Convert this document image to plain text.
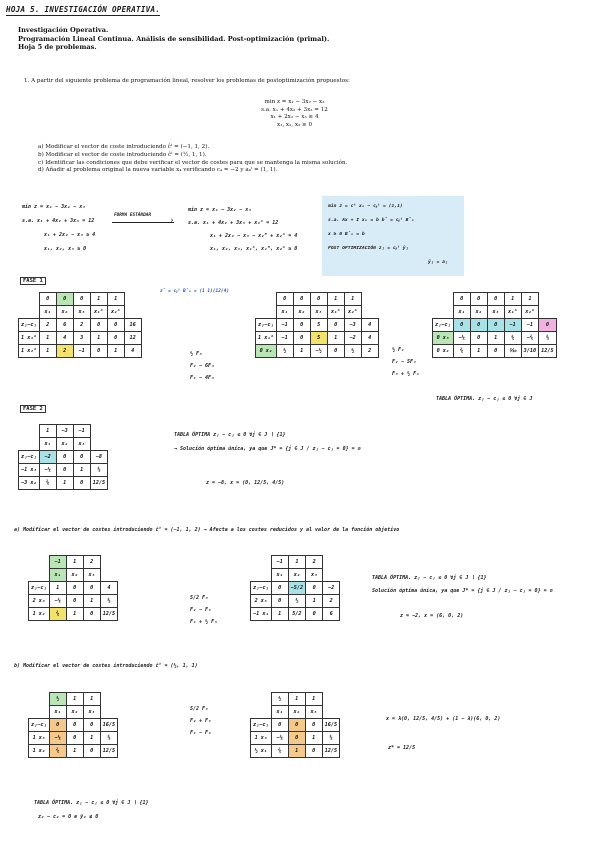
HOJA 5. INVESTIGACIÓN OPERATIVA.
Investigación Operativa.
Programación Lineal Continua. Análisis de sensibilidad. Post-optimización (primal).
Hoja 5 de problemas.
1. A partir del siguiente problema de programación lineal, resolver los problemas de postoptimización propuestos:
min z = x₁ − 3x₂ − x₃
s.a. x₁ + 4x₂ + 3x₃ = 12
x₁ + 2x₂ − x₃ ≥ 4
x₁, x₂, x₃ ≥ 0
a) Modificar el vector de coste introduciendo ĉᵗ = (−1, 1, 2).
b) Modificar el vector de coste introduciendo ĉᵗ = (½, 1, 1).
c) Identificar las condiciones que debe verificar el vector de costes para que se mantenga la misma solución.
d) Añadir al problema original la nueva variable x₄ verificando c₄ = −2 y a₄ᵗ = (1, 1).
min z = x₁ − 3x₂ − x₃
s.a. x₁ + 4x₂ + 3x₃ = 12
x₁ + 2x₂ − x₃ ≥ 4
x₁, x₂, x₃ ≥ 0
FORMA ESTÁNDAR
›
min z = x₁ − 3x₂ − x₃
s.a. x₁ + 4x₂ + 3x₃ + x₁ᴬ = 12
x₁ + 2x₂ − x₃ − x₂ᴴ + x₂ᴬ = 4
x₁, x₂, x₃, x₁ᴬ, x₂ᴴ, x₂ᴬ ≥ 0
min z = cᵗ xₙ − cᵦᵗ = (1,1)
s.a. Ax + I xₙ = b b̄ = cᵦᵗ B̄ₙ
x ≥ 0 B̄ₙ = b
POST OPTIMIZACIÓN zⱼ = cᵦᵗ ȳⱼ
ȳⱼ = aⱼ
FASE 1
z̄ = cᵦᵗ B̄ₙ = (1 1)(12/4)
	0	0	0	1	1	
	x₁	x₂	x₃	x₁ᴬ	x₂ᴬ	
zⱼ−cⱼ	2	6	2	0	0	16
1 x₁ᴬ	1	4	3	1	0	12
1 x₂ᴬ	1	2	−1	0	1	4	½ F₃
F₂ − 6F₃
F₄ − 4F₃
	0	0	0	1	1	
	x₁	x₂	x₃	x₁ᴬ	x₂ᴬ	
zⱼ−cⱼ	−1	0	5	0	−3	4
1 x₁ᴬ	−1	0	5	1	−2	4
0 x₂	½	1	−½	0	½	2	½ F₄
F₂ − 5F₄
F₃ + ½ F₄
	0	0	0	1	1	
	x₁	x₂	x₃	x₁ᴬ	x₂ᴬ	
zⱼ−cⱼ	0	0	0	−1	−1	0
0 x₃	−⅕	0	1	⅕	−⅖	⅘
0 x₂	⅖	1	0	⅒	3/10	12/5
TABLA ÓPTIMA. zⱼ − cⱼ ≤ 0 ∀j ∈ J
FASE 2
	1	−3	−1	
	x₁	x₂	x₃	
zⱼ−cⱼ	−2	0	0	−8
−1 x₃	−⅕	0	1	⅘
−3 x₂	⅖	1	0	12/5
TABLA ÓPTIMA zⱼ − cⱼ ≤ 0 ∀j ∈ J ∖ {1}
→ Solución óptima única, ya que J* = {j ∈ J / zⱼ − cⱼ = 0} = ∅
z = −8, x = (0, 12/5, 4/5)
a) Modificar el vector de costes introduciendo ĉᵗ = (−1, 1, 2) → Afecta a los costes reducidos y al valor de la función objetivo
	−1	1	2	
	x₁	x₂	x₃	
zⱼ−cⱼ	1	0	0	4
2 x₃	−⅕	0	1	⅘
1 x₂	⅖	1	0	12/5
5/2 F₃
F₂ − F₃
F₄ + ½ F₃
	−1	1	2	
	x₁	x₂	x₃	
zⱼ−cⱼ	0	−5/2	0	−2
2 x₃	0	½	1	2
−1 x₁	1	5/2	0	6
TABLA ÓPTIMA. zⱼ − cⱼ ≤ 0 ∀j ∈ J ∖ {1}
Solución óptima única, ya que J* = {j ∈ J / zⱼ − cⱼ = 0} = ∅
z = −2, x = (6, 0, 2)
b) Modificar el vector de costes introduciendo ĉᵗ = (½, 1, 1)
	½	1	1	
	x₁	x₂	x₃	
zⱼ−cⱼ	0	0	0	16/5
1 x₃	−⅕	0	1	⅘
1 x₂	⅖	1	0	12/5
5/2 F₃
F₂ + F₃
F₄ − F₃
	½	1	1	
	x₁	x₂	x₃	
zⱼ−cⱼ	0	0	0	16/5
1 x₃	−⅕	0	1	⅘
½ x₁	⅖	1	0	12/5
x = λ(0, 12/5, 4/5) + (1 − λ)(6, 0, 2)
z* = 12/5
TABLA ÓPTIMA. zⱼ − cⱼ ≤ 0 ∀j ∈ J ∖ {1}
z₂ − c₂ = 0 e ȳ₂ ≰ 0
